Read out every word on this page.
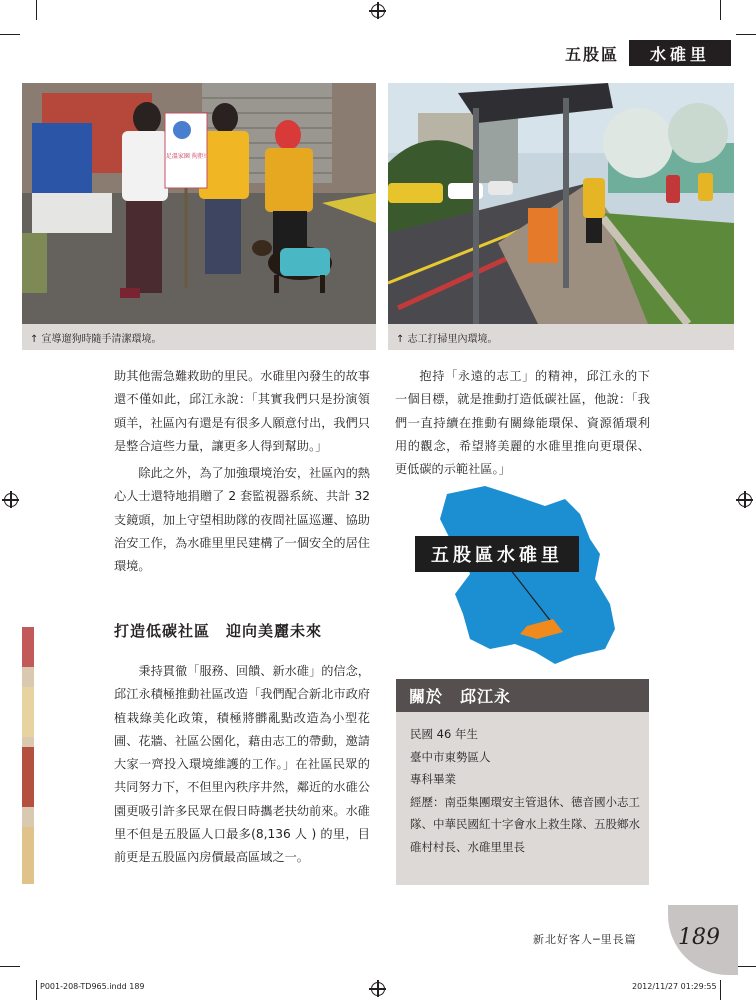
五股區	水碓里
足溫家園 拘拒!
↑ 宣導遛狗時隨手清潔環境。	↑ 志工打掃里內環境。

助其他需急難救助的里民。水碓里內發生的故事還不僅如此，邱江永說：「其實我們只是扮演領頭羊，社區內有還是有很多人願意付出，我們只是整合這些力量，讓更多人得到幫助。」

除此之外，為了加強環境治安，社區內的熱心人士還特地捐贈了 2 套監視器系統、共計 32 支鏡頭，加上守望相助隊的夜間社區巡邏、協助治安工作，為水碓里里民建構了一個安全的居住環境。

打造低碳社區　迎向美麗未來

秉持貫徹「服務、回饋、新水碓」的信念，邱江永積極推動社區改造「我們配合新北市政府植栽綠美化政策，積極將髒亂點改造為小型花圃、花牆、社區公園化，藉由志工的帶動，邀請大家一齊投入環境維護的工作。」在社區民眾的共同努力下，不但里內秩序井然，鄰近的水碓公園更吸引許多民眾在假日時攜老扶幼前來。水碓里不但是五股區人口最多(8,136 人 ) 的里，目前更是五股區內房價最高區域之一。

抱持「永遠的志工」的精神，邱江永的下一個目標，就是推動打造低碳社區，他說：「我們一直持續在推動有關綠能環保、資源循環利用的觀念，希望將美麗的水碓里推向更環保、更低碳的示範社區。」

五股區水碓里
關於　邱江永
民國 46 年生
臺中市東勢區人
專科畢業
經歷：南亞集團環安主管退休、德音國小志工隊、中華民國紅十字會水上救生隊、五股鄉水碓村村長、水碓里里長
新北好客人─里長篇 189
P001-208-TD965.indd 189	2012/11/27 01:29:55
